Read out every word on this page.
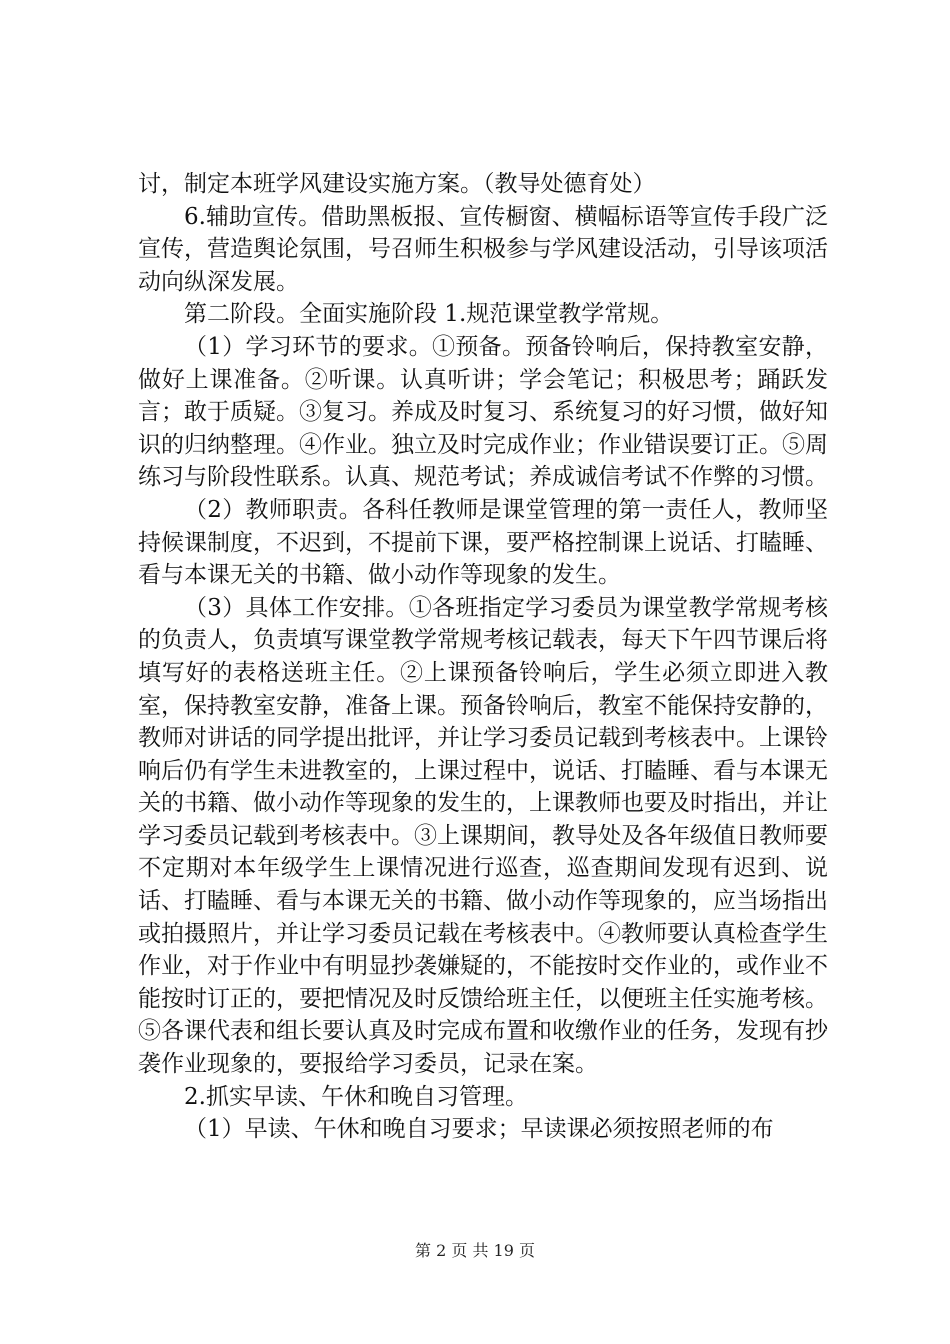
讨，制定本班学风建设实施方案。（教导处德育处）

6.辅助宣传。借助黑板报、宣传橱窗、横幅标语等宣传手段广泛宣传，营造舆论氛围，号召师生积极参与学风建设活动，引导该项活动向纵深发展。

第二阶段。全面实施阶段 1.规范课堂教学常规。

（1）学习环节的要求。①预备。预备铃响后，保持教室安静，做好上课准备。②听课。认真听讲；学会笔记；积极思考；踊跃发言；敢于质疑。③复习。养成及时复习、系统复习的好习惯，做好知识的归纳整理。④作业。独立及时完成作业；作业错误要订正。⑤周练习与阶段性联系。认真、规范考试；养成诚信考试不作弊的习惯。

（2）教师职责。各科任教师是课堂管理的第一责任人，教师坚持候课制度，不迟到，不提前下课，要严格控制课上说话、打瞌睡、看与本课无关的书籍、做小动作等现象的发生。

（3）具体工作安排。①各班指定学习委员为课堂教学常规考核的负责人，负责填写课堂教学常规考核记载表，每天下午四节课后将填写好的表格送班主任。②上课预备铃响后，学生必须立即进入教室，保持教室安静，准备上课。预备铃响后，教室不能保持安静的，教师对讲话的同学提出批评，并让学习委员记载到考核表中。上课铃响后仍有学生未进教室的，上课过程中，说话、打瞌睡、看与本课无关的书籍、做小动作等现象的发生的，上课教师也要及时指出，并让学习委员记载到考核表中。③上课期间，教导处及各年级值日教师要不定期对本年级学生上课情况进行巡查，巡查期间发现有迟到、说话、打瞌睡、看与本课无关的书籍、做小动作等现象的，应当场指出或拍摄照片，并让学习委员记载在考核表中。④教师要认真检查学生作业，对于作业中有明显抄袭嫌疑的，不能按时交作业的，或作业不能按时订正的，要把情况及时反馈给班主任，以便班主任实施考核。⑤各课代表和组长要认真及时完成布置和收缴作业的任务，发现有抄袭作业现象的，要报给学习委员，记录在案。

2.抓实早读、午休和晚自习管理。

（1）早读、午休和晚自习要求；早读课必须按照老师的布

第 2 页 共 19 页
